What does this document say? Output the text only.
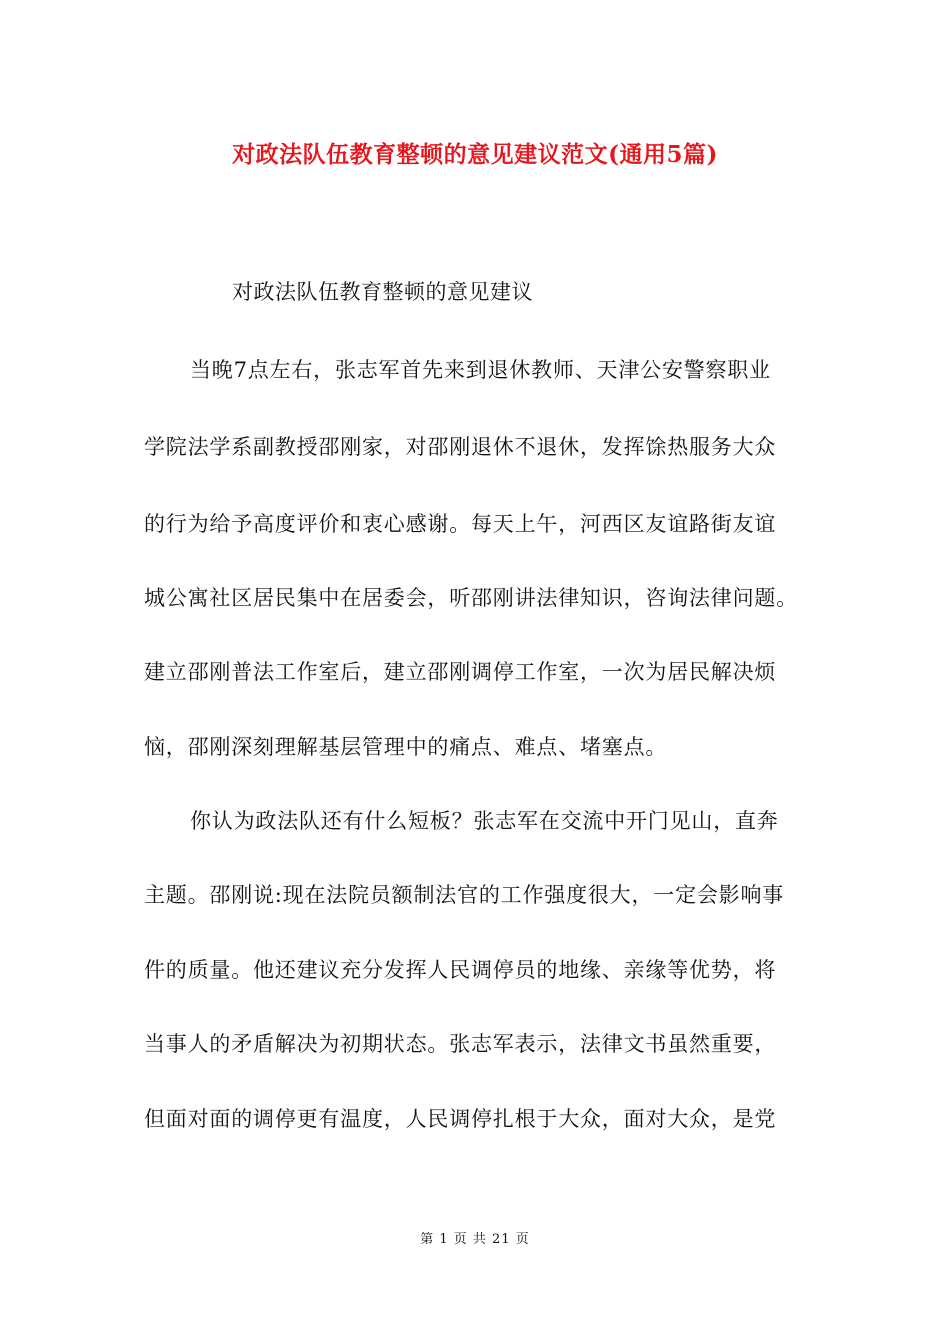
对政法队伍教育整顿的意见建议范文(通用5篇)
对政法队伍教育整顿的意见建议
当晚7点左右，张志军首先来到退休教师、天津公安警察职业
学院法学系副教授邵刚家，对邵刚退休不退休，发挥馀热服务大众
的行为给予高度评价和衷心感谢。每天上午，河西区友谊路街友谊
城公寓社区居民集中在居委会，听邵刚讲法律知识，咨询法律问题。
建立邵刚普法工作室后，建立邵刚调停工作室，一次为居民解决烦
恼，邵刚深刻理解基层管理中的痛点、难点、堵塞点。
你认为政法队还有什么短板？张志军在交流中开门见山，直奔
主题。邵刚说:现在法院员额制法官的工作强度很大，一定会影响事
件的质量。他还建议充分发挥人民调停员的地缘、亲缘等优势，将
当事人的矛盾解决为初期状态。张志军表示，法律文书虽然重要，
但面对面的调停更有温度，人民调停扎根于大众，面对大众，是党
第 1 页 共 21 页
